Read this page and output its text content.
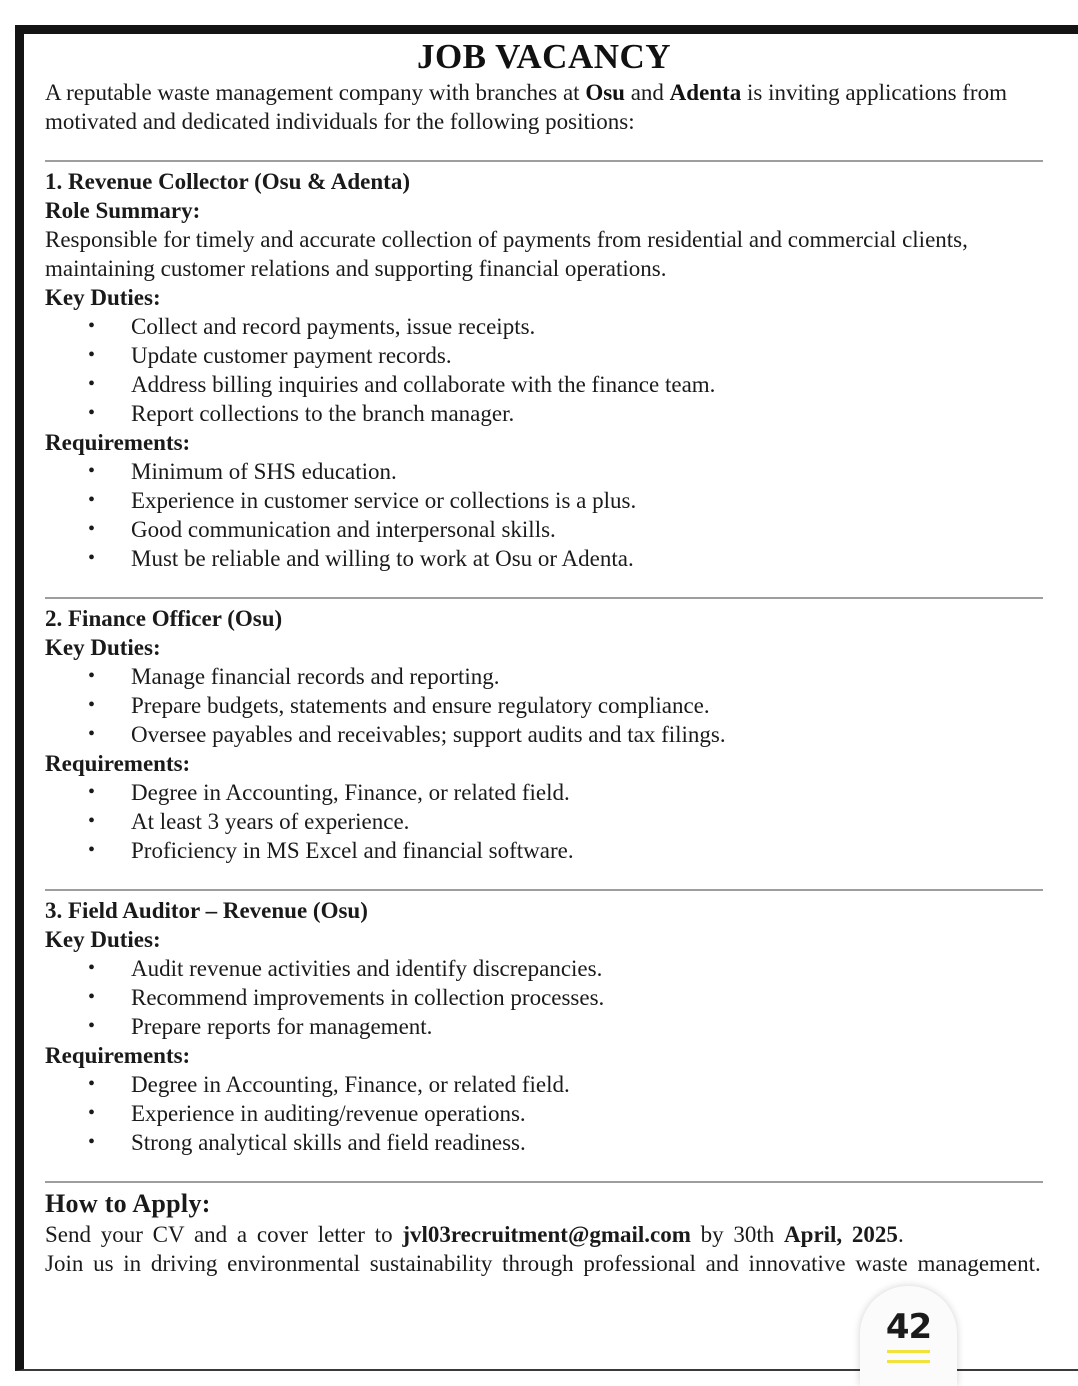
JOB VACANCY

A reputable waste management company with branches at Osu and Adenta is inviting applications from motivated and dedicated individuals for the following positions:

1. Revenue Collector (Osu & Adenta)
Role Summary:

Responsible for timely and accurate collection of payments from residential and commercial clients, maintaining customer relations and supporting financial operations.

Key Duties:
• Collect and record payments, issue receipts.
• Update customer payment records.
• Address billing inquiries and collaborate with the finance team.
• Report collections to the branch manager.
Requirements:
• Minimum of SHS education.
• Experience in customer service or collections is a plus.
• Good communication and interpersonal skills.
• Must be reliable and willing to work at Osu or Adenta.
2. Finance Officer (Osu)
Key Duties:
• Manage financial records and reporting.
• Prepare budgets, statements and ensure regulatory compliance.
• Oversee payables and receivables; support audits and tax filings.
Requirements:
• Degree in Accounting, Finance, or related field.
• At least 3 years of experience.
• Proficiency in MS Excel and financial software.
3. Field Auditor – Revenue (Osu)
Key Duties:
• Audit revenue activities and identify discrepancies.
• Recommend improvements in collection processes.
• Prepare reports for management.
Requirements:
• Degree in Accounting, Finance, or related field.
• Experience in auditing/revenue operations.
• Strong analytical skills and field readiness.
How to Apply:

Send your CV and a cover letter to jvl03recruitment@gmail.com by 30th April, 2025.

Join us in driving environmental sustainability through professional and innovative waste management.

42
